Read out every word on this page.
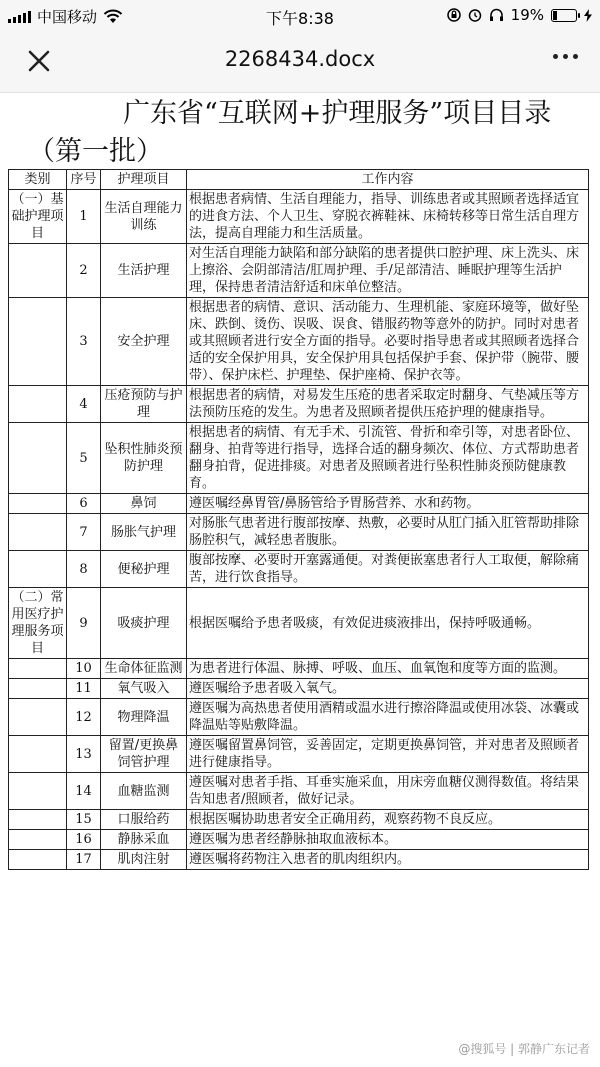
中国移动	下午8:38	19%
2268434.docx
广东省“互联网+护理服务”项目目录
（第一批）
类别	序号	护理项目	工作内容
（一）基础护理项目	1	生活自理能力训练	根据患者病情、生活自理能力，指导、训练患者或其照顾者选择适宜的进食方法、个人卫生、穿脱衣裤鞋袜、床椅转移等日常生活自理方法，提高自理能力和生活质量。
	2	生活护理	对生活自理能力缺陷和部分缺陷的患者提供口腔护理、床上洗头、床上擦浴、会阴部清洁/肛周护理、手/足部清洁、睡眠护理等生活护理，保持患者清洁舒适和床单位整洁。
	3	安全护理	根据患者的病情、意识、活动能力、生理机能、家庭环境等，做好坠床、跌倒、烫伤、误吸、误食、错服药物等意外的防护。同时对患者或其照顾者进行安全方面的指导。必要时指导患者或其照顾者选择合适的安全保护用具，安全保护用具包括保护手套、保护带（腕带、腰带）、保护床栏、护理垫、保护座椅、保护衣等。
	4	压疮预防与护理	根据患者的病情，对易发生压疮的患者采取定时翻身、气垫减压等方法预防压疮的发生。为患者及照顾者提供压疮护理的健康指导。
	5	坠积性肺炎预防护理	根据患者的病情、有无手术、引流管、骨折和牵引等，对患者卧位、翻身、拍背等进行指导，选择合适的翻身频次、体位、方式帮助患者翻身拍背，促进排痰。对患者及照顾者进行坠积性肺炎预防健康教育。
	6	鼻饲	遵医嘱经鼻胃管/鼻肠管给予胃肠营养、水和药物。
	7	肠胀气护理	对肠胀气患者进行腹部按摩、热敷，必要时从肛门插入肛管帮助排除肠腔积气，减轻患者腹胀。
	8	便秘护理	腹部按摩、必要时开塞露通便。对粪便嵌塞患者行人工取便，解除痛苦，进行饮食指导。
（二）常用医疗护理服务项目	9	吸痰护理	根据医嘱给予患者吸痰，有效促进痰液排出，保持呼吸通畅。
	10	生命体征监测	为患者进行体温、脉搏、呼吸、血压、血氧饱和度等方面的监测。
	11	氧气吸入	遵医嘱给予患者吸入氧气。
	12	物理降温	遵医嘱为高热患者使用酒精或温水进行擦浴降温或使用冰袋、冰囊或降温贴等贴敷降温。
	13	留置/更换鼻饲管护理	遵医嘱留置鼻饲管，妥善固定，定期更换鼻饲管，并对患者及照顾者进行健康指导。
	14	血糖监测	遵医嘱对患者手指、耳垂实施采血，用床旁血糖仪测得数值。将结果告知患者/照顾者，做好记录。
	15	口服给药	根据医嘱协助患者安全正确用药，观察药物不良反应。
	16	静脉采血	遵医嘱为患者经静脉抽取血液标本。
	17	肌肉注射	遵医嘱将药物注入患者的肌肉组织内。
@搜狐号 | 郭静广东记者
